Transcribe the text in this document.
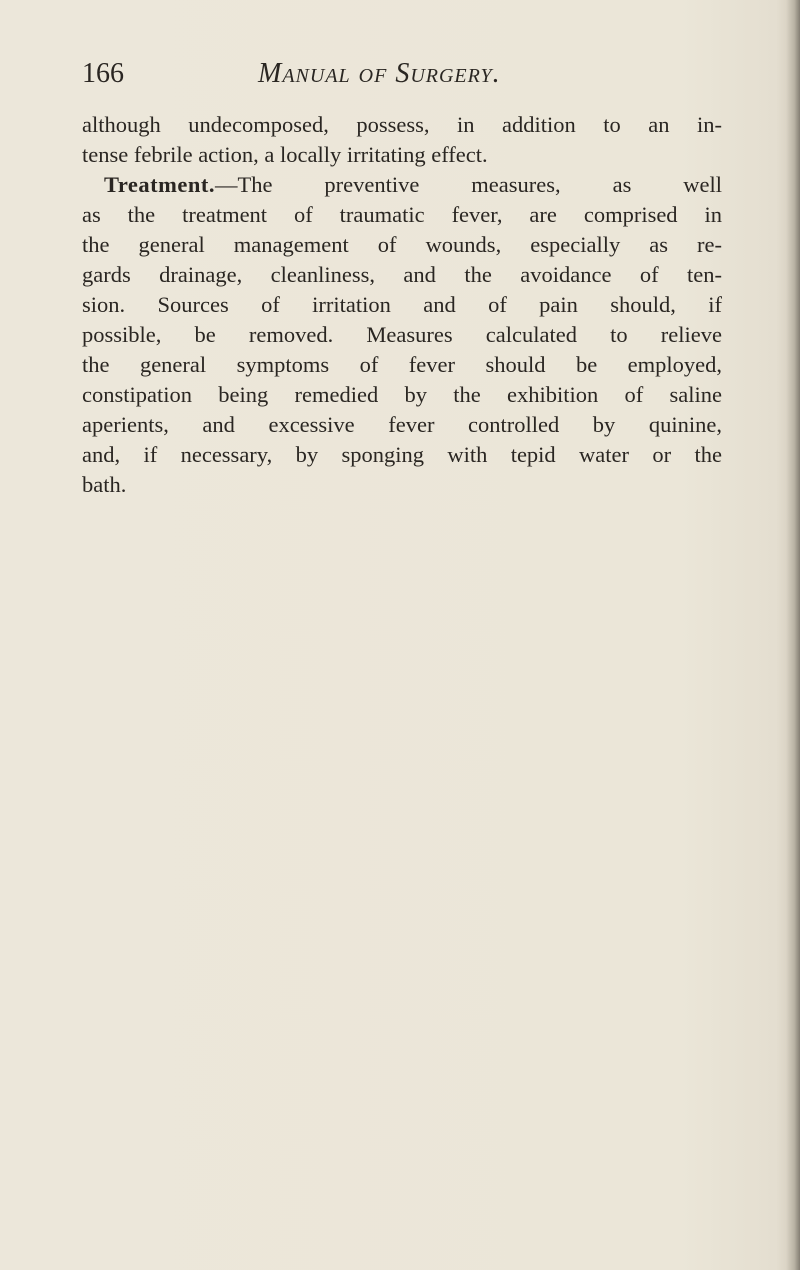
166	Manual of Surgery.
although undecomposed, possess, in addition to an in-
tense febrile action, a locally irritating effect.
Treatment.—The preventive measures, as well
as the treatment of traumatic fever, are comprised in
the general management of wounds, especially as re-
gards drainage, cleanliness, and the avoidance of ten-
sion. Sources of irritation and of pain should, if
possible, be removed. Measures calculated to relieve
the general symptoms of fever should be employed,
constipation being remedied by the exhibition of saline
aperients, and excessive fever controlled by quinine,
and, if necessary, by sponging with tepid water or the
bath.
